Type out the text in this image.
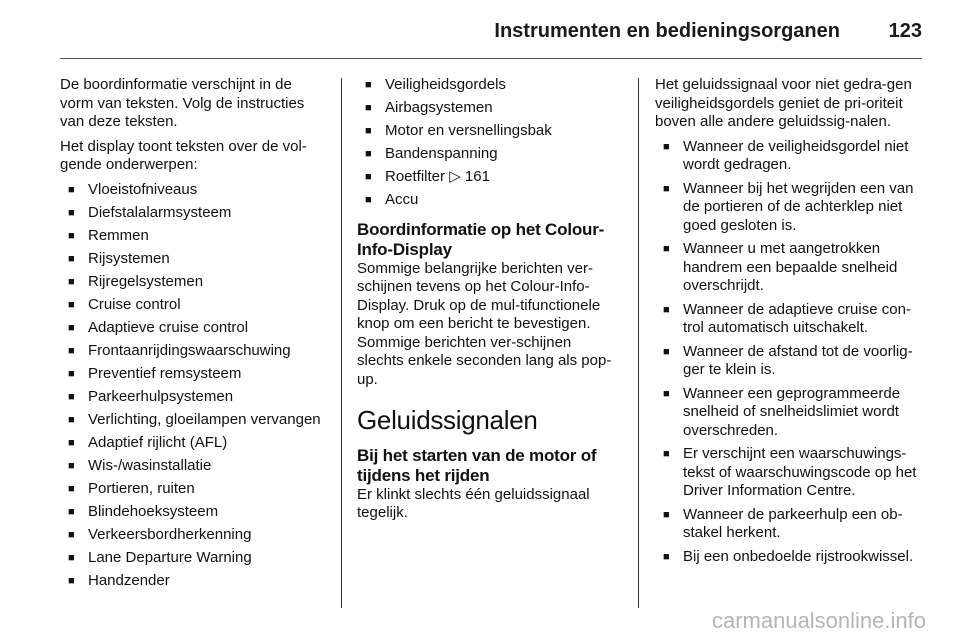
Instrumenten en bedieningsorganen 123

De boordinformatie verschijnt in de vorm van teksten. Volg de instructies van deze teksten.

Het display toont teksten over de vol-gende onderwerpen:

■ Vloeistofniveaus
■ Diefstalalarmsysteem
■ Remmen
■ Rijsystemen
■ Rijregelsystemen
■ Cruise control
■ Adaptieve cruise control
■ Frontaanrijdingswaarschuwing
■ Preventief remsysteem
■ Parkeerhulpsystemen
■ Verlichting, gloeilampen vervangen
■ Adaptief rijlicht (AFL)
■ Wis-/wasinstallatie
■ Portieren, ruiten
■ Blindehoeksysteem
■ Verkeersbordherkenning
■ Lane Departure Warning
■ Handzender
■ Veiligheidsgordels
■ Airbagsystemen
■ Motor en versnellingsbak
■ Bandenspanning
■ Roetfilter ▷ 161
■ Accu
Boordinformatie op het Colour-Info-Display

Sommige belangrijke berichten ver-schijnen tevens op het Colour-Info-Display. Druk op de mul-tifunctionele knop om een bericht te bevestigen. Sommige berichten ver-schijnen slechts enkele seconden lang als pop-up.

Geluidssignalen
Bij het starten van de motor of tijdens het rijden

Er klinkt slechts één geluidssignaal tegelijk.

Het geluidssignaal voor niet gedra-gen veiligheidsgordels geniet de pri-oriteit boven alle andere geluidssig-nalen.

■ Wanneer de veiligheidsgordel niet wordt gedragen.
■ Wanneer bij het wegrijden een van de portieren of de achterklep niet goed gesloten is.
■ Wanneer u met aangetrokken handrem een bepaalde snelheid overschrijdt.
■ Wanneer de adaptieve cruise con-trol automatisch uitschakelt.
■ Wanneer de afstand tot de voorlig-ger te klein is.
■ Wanneer een geprogrammeerde snelheid of snelheidslimiet wordt overschreden.
■ Er verschijnt een waarschuwings-tekst of waarschuwingscode op het Driver Information Centre.
■ Wanneer de parkeerhulp een ob-stakel herkent.
■ Bij een onbedoelde rijstrookwissel.
carmanualsonline.info
